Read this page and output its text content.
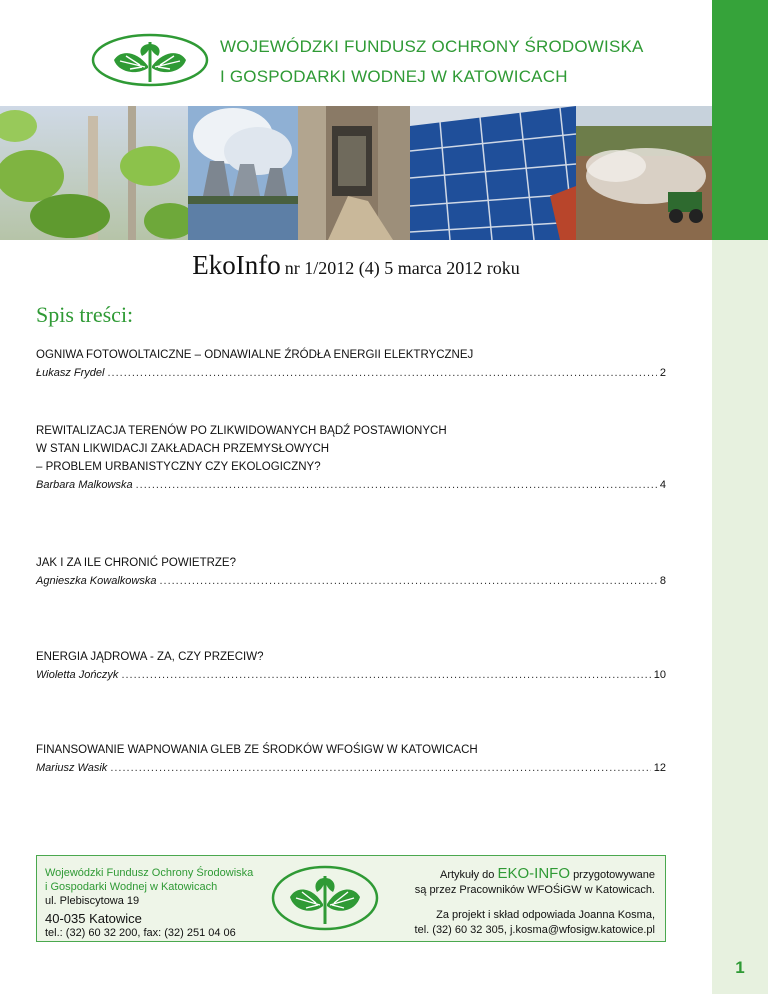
1
WOJEWÓDZKI FUNDUSZ OCHRONY ŚRODOWISKA
I GOSPODARKI WODNEJ W KATOWICACH
EkoInfo nr 1/2012 (4) 5 marca 2012 roku
Spis treści:
OGNIWA FOTOWOLTAICZNE – ODNAWIALNE ŹRÓDŁA ENERGII ELEKTRYCZNEJ
Łukasz Frydel .....	2
REWITALIZACJA TERENÓW PO ZLIKWIDOWANYCH BĄDŹ POSTAWIONYCH
W STAN LIKWIDACJI ZAKŁADACH PRZEMYSŁOWYCH
– PROBLEM URBANISTYCZNY CZY EKOLOGICZNY?
Barbara Malkowska .....	4
JAK I ZA ILE CHRONIĆ POWIETRZE?
Agnieszka Kowalkowska .....	8
ENERGIA JĄDROWA - ZA, CZY PRZECIW?
Wioletta Jończyk .....	10
FINANSOWANIE WAPNOWANIA GLEB ZE ŚRODKÓW WFOŚIGW W KATOWICACH
Mariusz Wasik .....	12
Wojewódzki Fundusz Ochrony Środowiska
i Gospodarki Wodnej w Katowicach
ul. Plebiscytowa 19
40-035 Katowice
tel.: (32) 60 32 200, fax: (32) 251 04 06

Artykuły do EKO-INFO przygotowywane
są przez Pracowników WFOŚiGW w Katowicach.

Za projekt i skład odpowiada Joanna Kosma,
tel. (32) 60 32 305, j.kosma@wfosigw.katowice.pl
